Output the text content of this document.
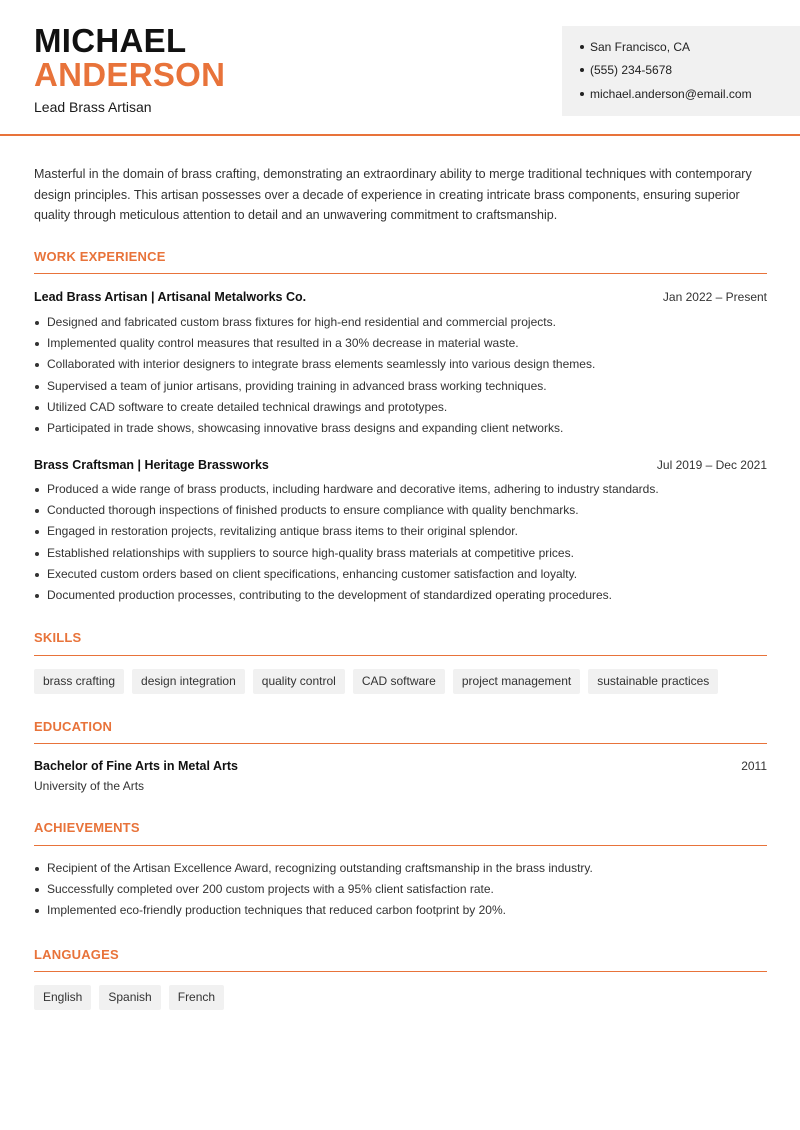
MICHAEL
ANDERSON
Lead Brass Artisan
San Francisco, CA
(555) 234-5678
michael.anderson@email.com
Masterful in the domain of brass crafting, demonstrating an extraordinary ability to merge traditional techniques with contemporary design principles. This artisan possesses over a decade of experience in creating intricate brass components, ensuring superior quality through meticulous attention to detail and an unwavering commitment to craftsmanship.
WORK EXPERIENCE
Lead Brass Artisan | Artisanal Metalworks Co.	Jan 2022 – Present
Designed and fabricated custom brass fixtures for high-end residential and commercial projects.
Implemented quality control measures that resulted in a 30% decrease in material waste.
Collaborated with interior designers to integrate brass elements seamlessly into various design themes.
Supervised a team of junior artisans, providing training in advanced brass working techniques.
Utilized CAD software to create detailed technical drawings and prototypes.
Participated in trade shows, showcasing innovative brass designs and expanding client networks.
Brass Craftsman | Heritage Brassworks	Jul 2019 – Dec 2021
Produced a wide range of brass products, including hardware and decorative items, adhering to industry standards.
Conducted thorough inspections of finished products to ensure compliance with quality benchmarks.
Engaged in restoration projects, revitalizing antique brass items to their original splendor.
Established relationships with suppliers to source high-quality brass materials at competitive prices.
Executed custom orders based on client specifications, enhancing customer satisfaction and loyalty.
Documented production processes, contributing to the development of standardized operating procedures.
SKILLS
brass crafting	design integration	quality control	CAD software	project management	sustainable practices
EDUCATION
Bachelor of Fine Arts in Metal Arts	2011
University of the Arts
ACHIEVEMENTS
Recipient of the Artisan Excellence Award, recognizing outstanding craftsmanship in the brass industry.
Successfully completed over 200 custom projects with a 95% client satisfaction rate.
Implemented eco-friendly production techniques that reduced carbon footprint by 20%.
LANGUAGES
English	Spanish	French
